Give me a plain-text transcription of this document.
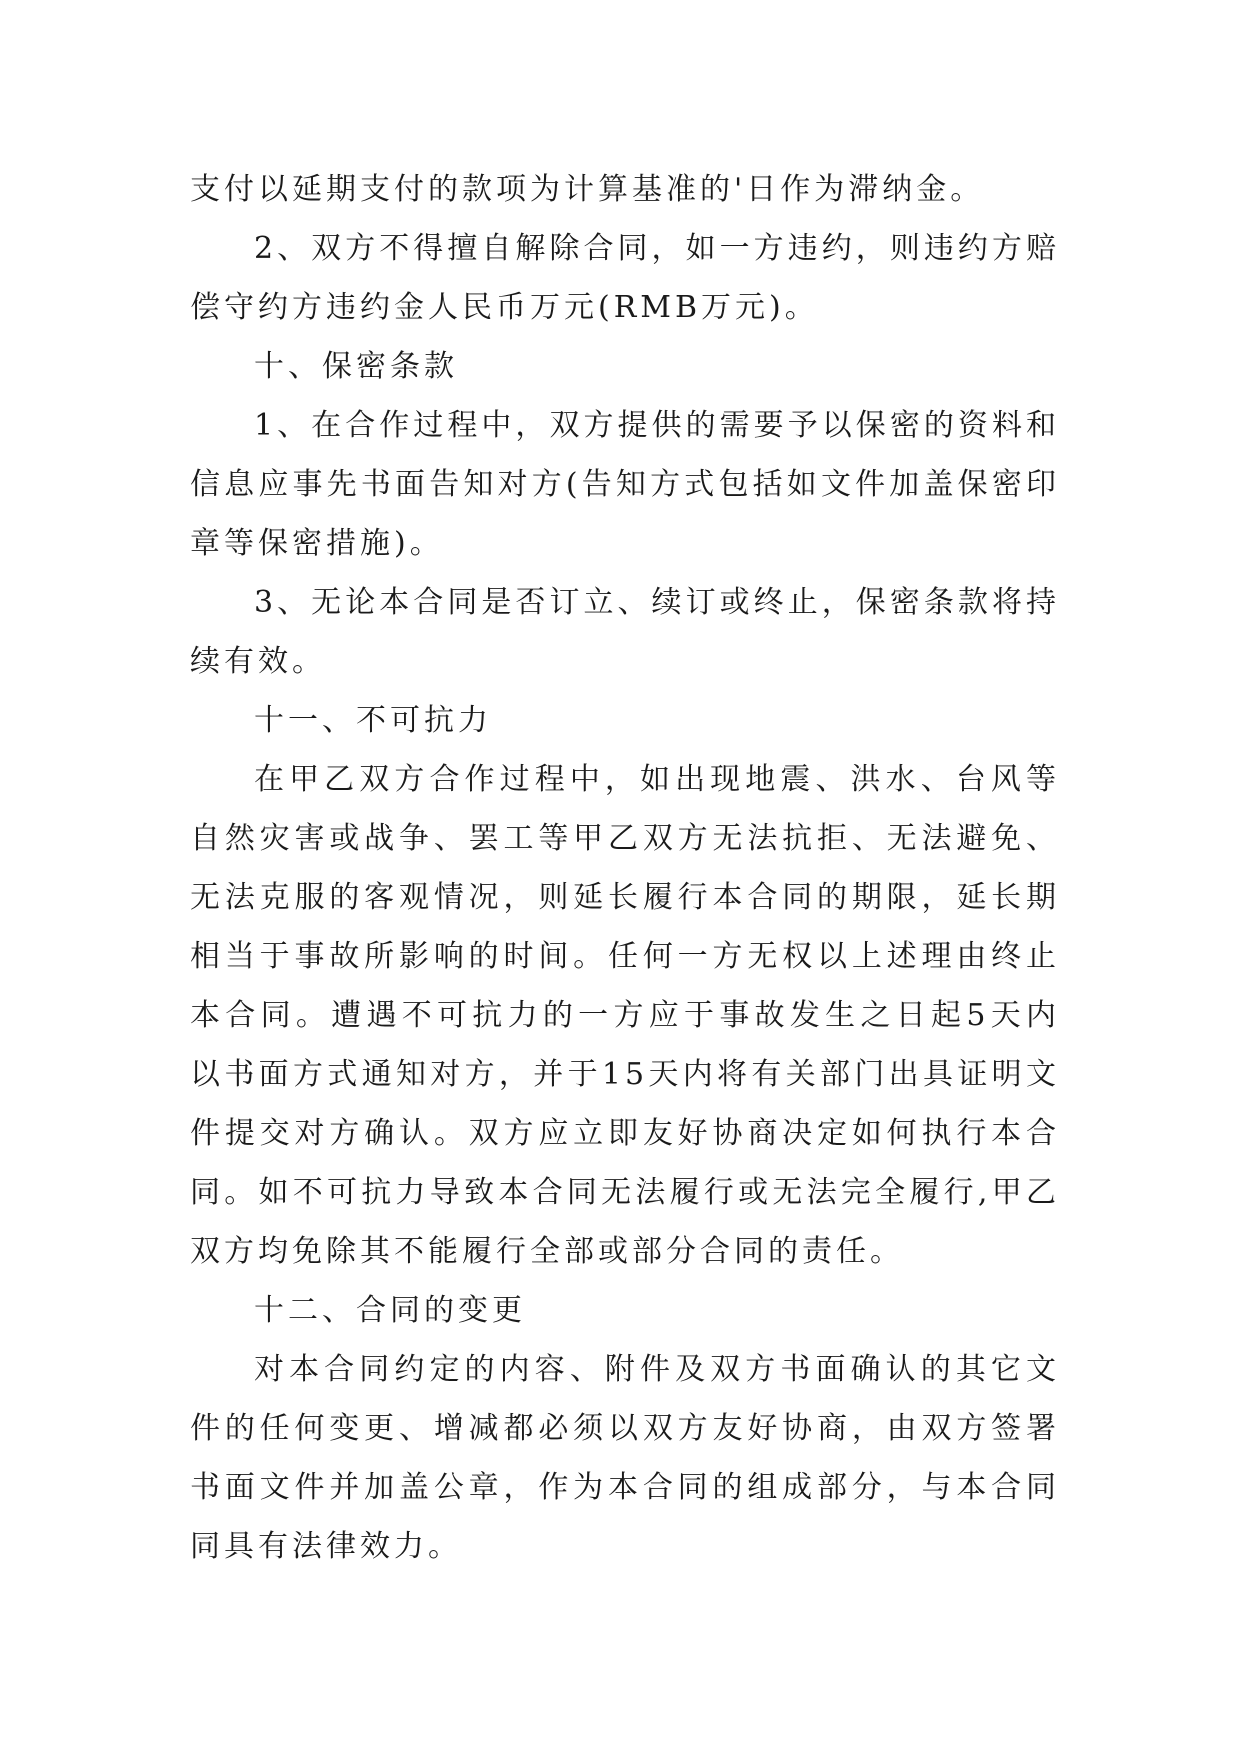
支付以延期支付的款项为计算基准的'日作为滞纳金。

2、双方不得擅自解除合同，如一方违约，则违约方赔偿守约方违约金人民币万元(RMB万元)。

十、保密条款

1、在合作过程中，双方提供的需要予以保密的资料和信息应事先书面告知对方(告知方式包括如文件加盖保密印章等保密措施)。

3、无论本合同是否订立、续订或终止，保密条款将持续有效。

十一、不可抗力

在甲乙双方合作过程中，如出现地震、洪水、台风等自然灾害或战争、罢工等甲乙双方无法抗拒、无法避免、无法克服的客观情况，则延长履行本合同的期限，延长期相当于事故所影响的时间。任何一方无权以上述理由终止本合同。遭遇不可抗力的一方应于事故发生之日起5天内以书面方式通知对方，并于15天内将有关部门出具证明文件提交对方确认。双方应立即友好协商决定如何执行本合同。如不可抗力导致本合同无法履行或无法完全履行,甲乙双方均免除其不能履行全部或部分合同的责任。

十二、合同的变更

对本合同约定的内容、附件及双方书面确认的其它文件的任何变更、增减都必须以双方友好协商，由双方签署书面文件并加盖公章，作为本合同的组成部分，与本合同同具有法律效力。
